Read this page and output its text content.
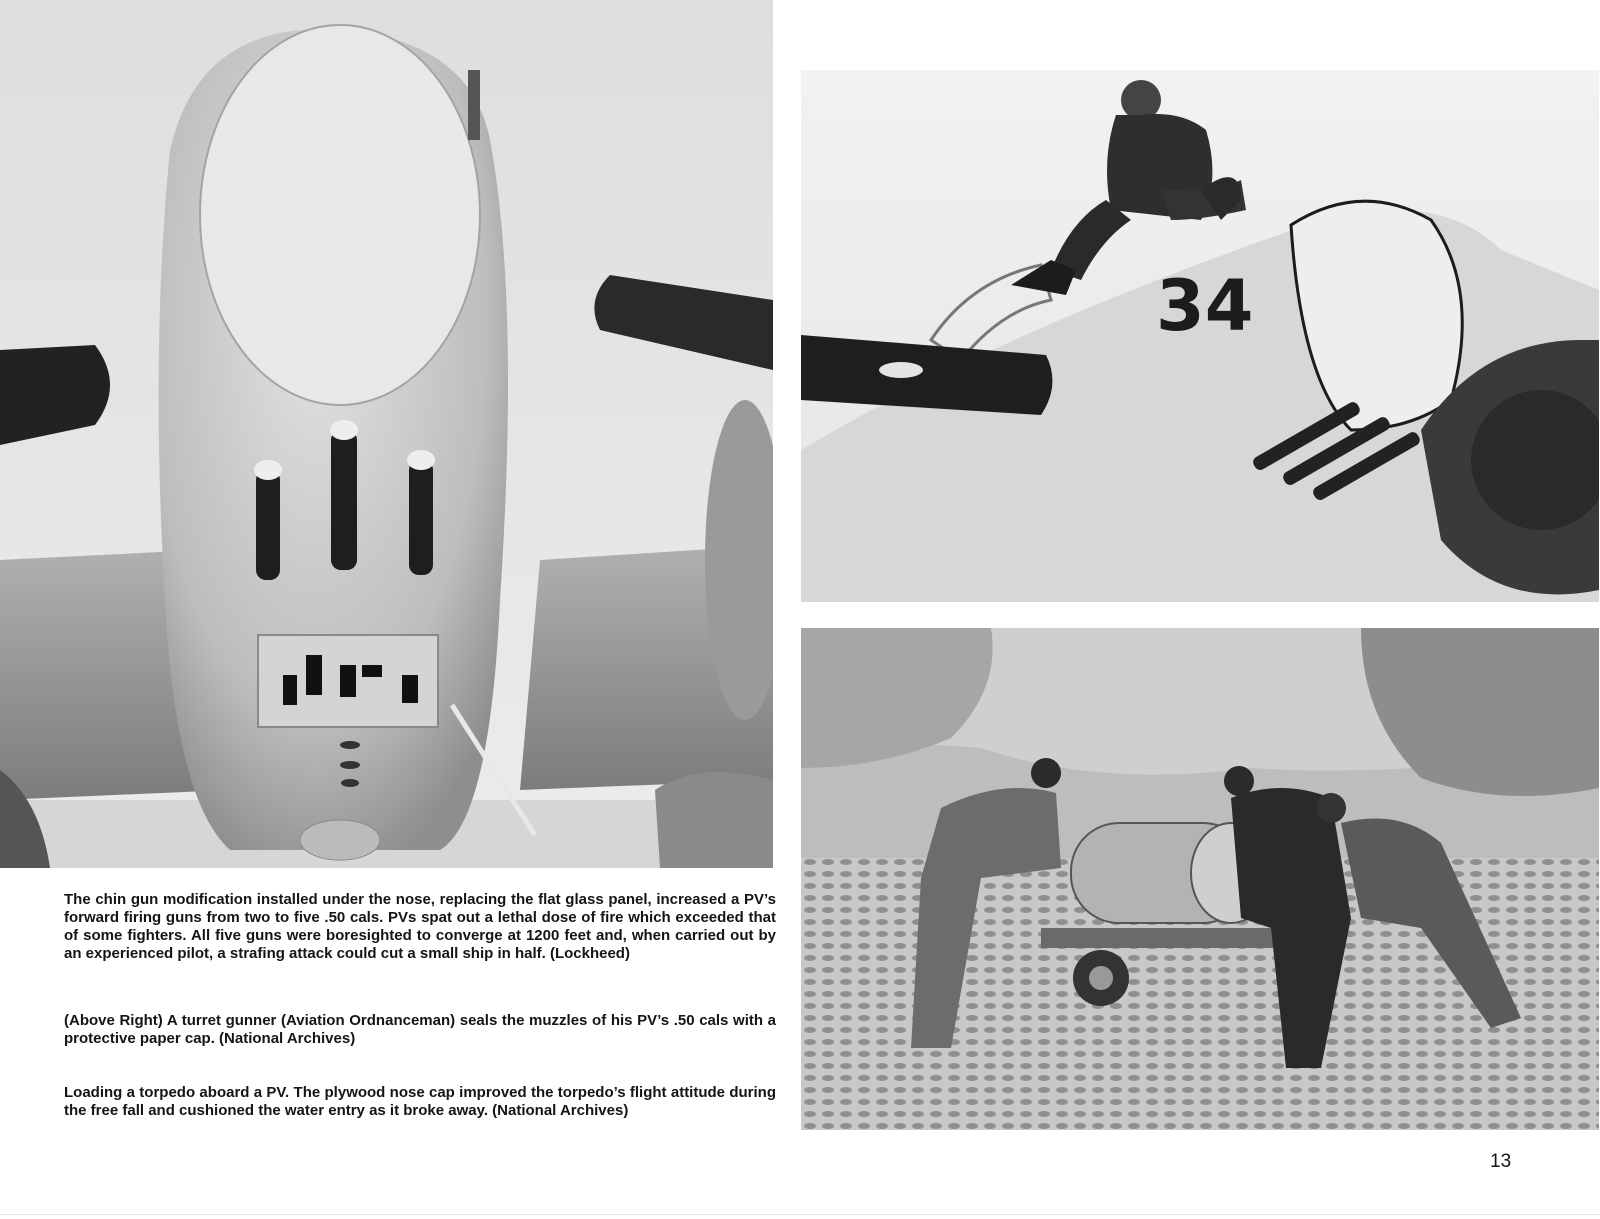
34

The chin gun modification installed under the nose, replacing the flat glass panel, increased a PV’s forward firing guns from two to five .50 cals. PVs spat out a lethal dose of fire which exceeded that of some fighters. All five guns were boresighted to converge at 1200 feet and, when carried out by an experienced pilot, a strafing attack could cut a small ship in half. (Lockheed)

(Above Right) A turret gunner (Aviation Ordnanceman) seals the muzzles of his PV’s .50 cals with a protective paper cap. (National Archives)

Loading a torpedo aboard a PV. The plywood nose cap improved the torpedo’s flight attitude during the free fall and cushioned the water entry as it broke away. (National Archives)

13
